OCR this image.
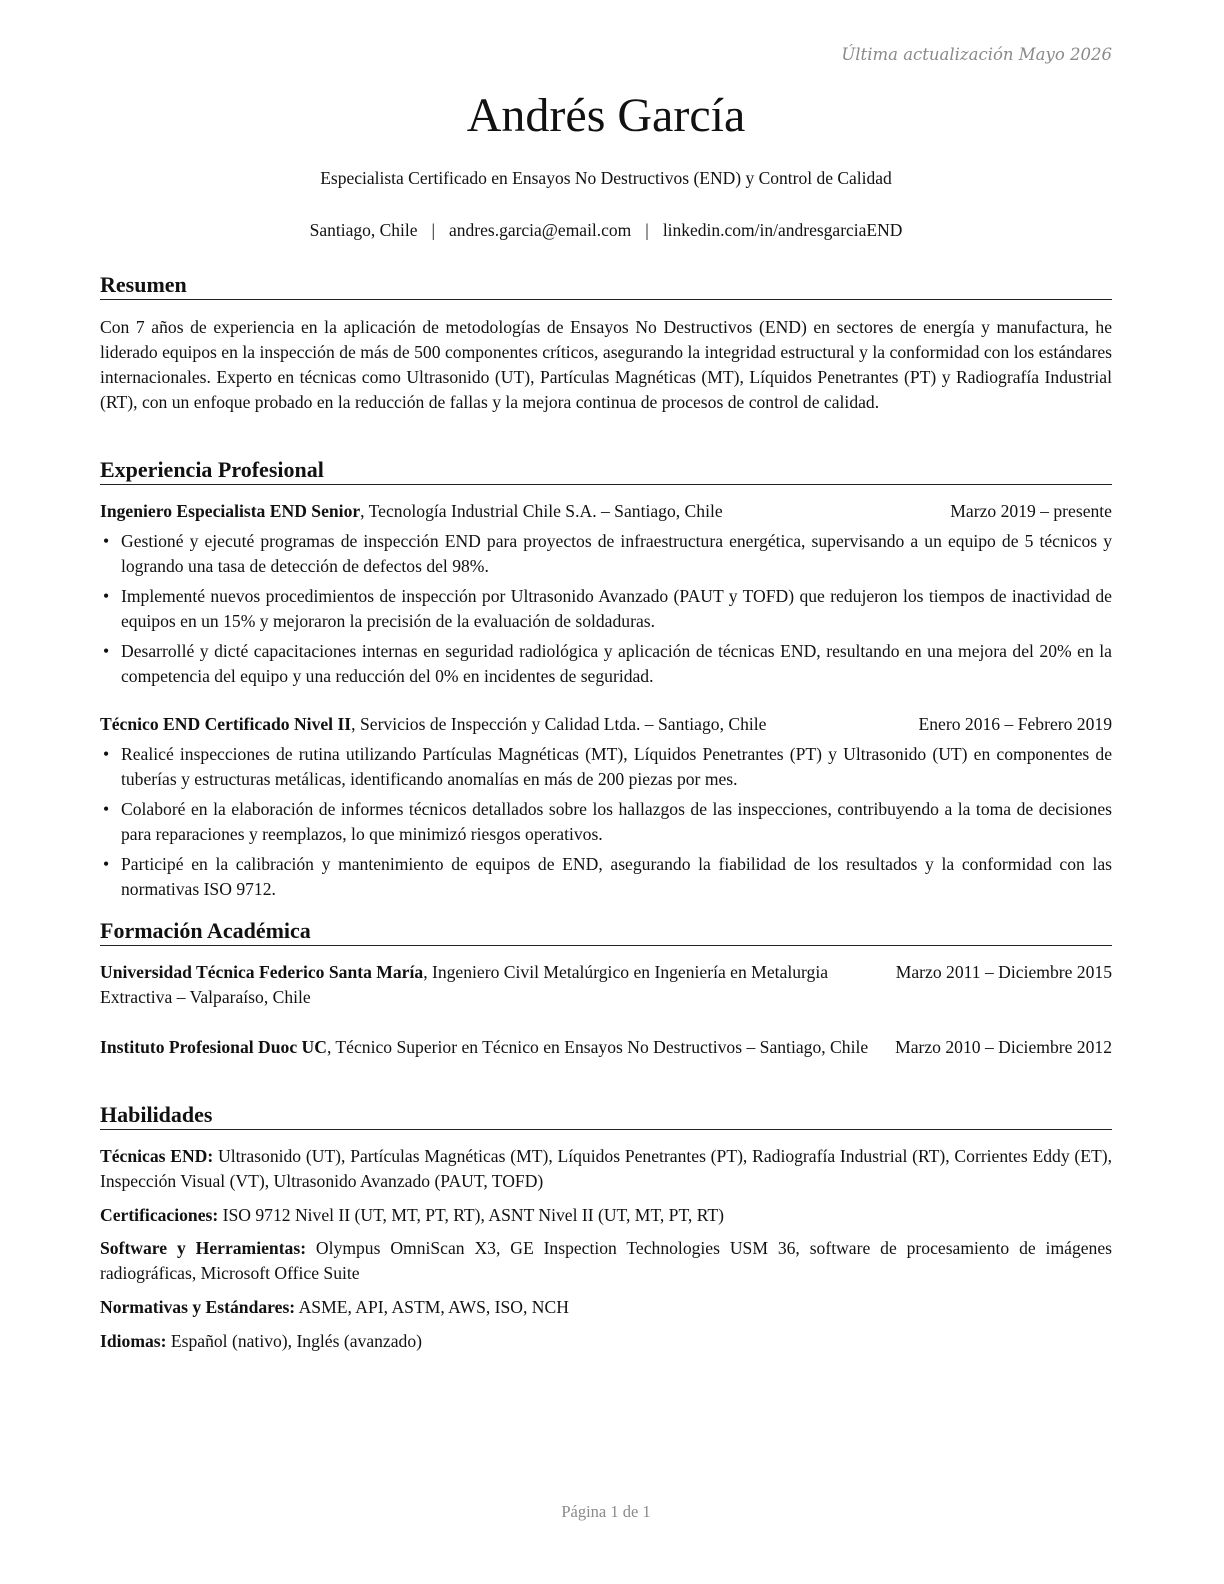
Última actualización Mayo 2026
Andrés García
Especialista Certificado en Ensayos No Destructivos (END) y Control de Calidad
Santiago, Chile | andres.garcia@email.com | linkedin.com/in/andresgarciaEND
Resumen
Con 7 años de experiencia en la aplicación de metodologías de Ensayos No Destructivos (END) en sectores de energía y manufactura, he liderado equipos en la inspección de más de 500 componentes críticos, asegurando la integridad estructural y la conformidad con los estándares internacionales. Experto en técnicas como Ultrasonido (UT), Partículas Magnéticas (MT), Líquidos Penetrantes (PT) y Radiografía Industrial (RT), con un enfoque probado en la reducción de fallas y la mejora continua de procesos de control de calidad.
Experiencia Profesional
Ingeniero Especialista END Senior, Tecnología Industrial Chile S.A. – Santiago, Chile	Marzo 2019 – presente
• Gestioné y ejecuté programas de inspección END para proyectos de infraestructura energética, supervisando a un equipo de 5 técnicos y logrando una tasa de detección de defectos del 98%.
• Implementé nuevos procedimientos de inspección por Ultrasonido Avanzado (PAUT y TOFD) que redujeron los tiempos de inactividad de equipos en un 15% y mejoraron la precisión de la evaluación de soldaduras.
• Desarrollé y dicté capacitaciones internas en seguridad radiológica y aplicación de técnicas END, resultando en una mejora del 20% en la competencia del equipo y una reducción del 0% en incidentes de seguridad.
Técnico END Certificado Nivel II, Servicios de Inspección y Calidad Ltda. – Santiago, Chile	Enero 2016 – Febrero 2019
• Realicé inspecciones de rutina utilizando Partículas Magnéticas (MT), Líquidos Penetrantes (PT) y Ultrasonido (UT) en componentes de tuberías y estructuras metálicas, identificando anomalías en más de 200 piezas por mes.
• Colaboré en la elaboración de informes técnicos detallados sobre los hallazgos de las inspecciones, contribuyendo a la toma de decisiones para reparaciones y reemplazos, lo que minimizó riesgos operativos.
• Participé en la calibración y mantenimiento de equipos de END, asegurando la fiabilidad de los resultados y la conformidad con las normativas ISO 9712.
Formación Académica
Universidad Técnica Federico Santa María, Ingeniero Civil Metalúrgico en Ingeniería en Metalurgia Extractiva – Valparaíso, Chile
Marzo 2011 – Diciembre 2015
Instituto Profesional Duoc UC, Técnico Superior en Técnico en Ensayos No Destructivos – Santiago, Chile	Marzo 2010 – Diciembre 2012
Habilidades
Técnicas END: Ultrasonido (UT), Partículas Magnéticas (MT), Líquidos Penetrantes (PT), Radiografía Industrial (RT), Corrientes Eddy (ET), Inspección Visual (VT), Ultrasonido Avanzado (PAUT, TOFD)
Certificaciones: ISO 9712 Nivel II (UT, MT, PT, RT), ASNT Nivel II (UT, MT, PT, RT)
Software y Herramientas: Olympus OmniScan X3, GE Inspection Technologies USM 36, software de procesamiento de imágenes radiográficas, Microsoft Office Suite
Normativas y Estándares: ASME, API, ASTM, AWS, ISO, NCH
Idiomas: Español (nativo), Inglés (avanzado)
Página 1 de 1
